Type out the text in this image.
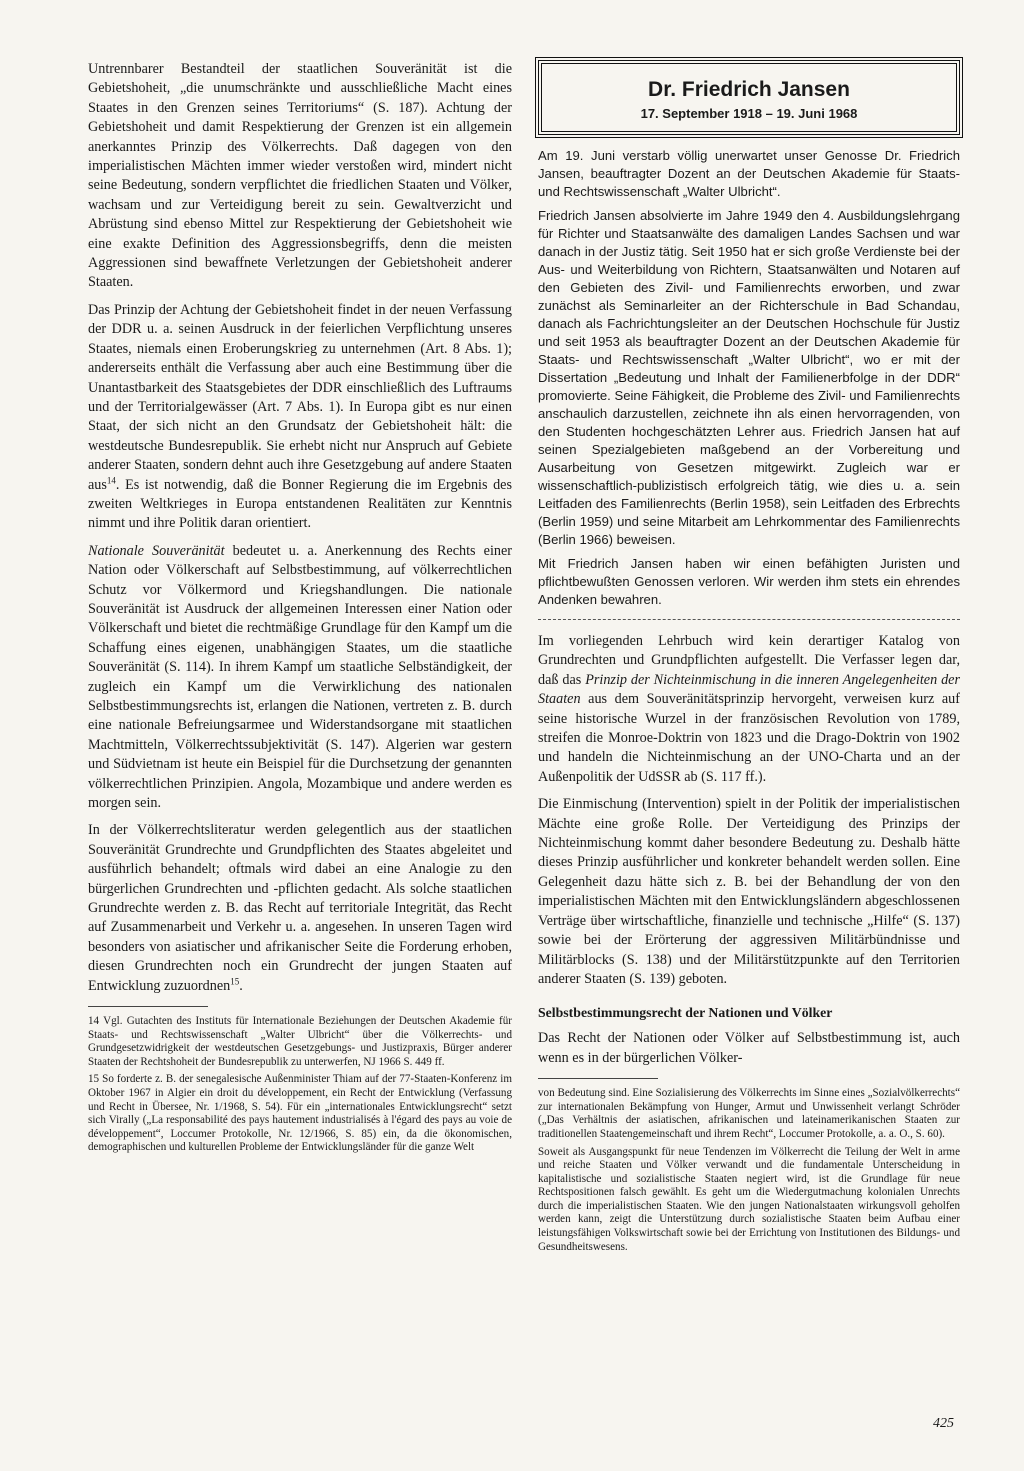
Untrennbarer Bestandteil der staatlichen Souveränität ist die Gebietshoheit, „die unumschränkte und ausschließliche Macht eines Staates in den Grenzen seines Territoriums“ (S. 187). Achtung der Gebietshoheit und damit Respektierung der Grenzen ist ein allgemein anerkanntes Prinzip des Völkerrechts. Daß dagegen von den imperialistischen Mächten immer wieder verstoßen wird, mindert nicht seine Bedeutung, sondern verpflichtet die friedlichen Staaten und Völker, wachsam und zur Verteidigung bereit zu sein. Gewaltverzicht und Abrüstung sind ebenso Mittel zur Respektierung der Gebietshoheit wie eine exakte Definition des Aggressionsbegriffs, denn die meisten Aggressionen sind bewaffnete Verletzungen der Gebietshoheit anderer Staaten.

Das Prinzip der Achtung der Gebietshoheit findet in der neuen Verfassung der DDR u. a. seinen Ausdruck in der feierlichen Verpflichtung unseres Staates, niemals einen Eroberungskrieg zu unternehmen (Art. 8 Abs. 1); andererseits enthält die Verfassung aber auch eine Bestimmung über die Unantastbarkeit des Staatsgebietes der DDR einschließlich des Luftraums und der Territorialgewässer (Art. 7 Abs. 1). In Europa gibt es nur einen Staat, der sich nicht an den Grundsatz der Gebietshoheit hält: die westdeutsche Bundesrepublik. Sie erhebt nicht nur Anspruch auf Gebiete anderer Staaten, sondern dehnt auch ihre Gesetzgebung auf andere Staaten aus$^{14}$. Es ist notwendig, daß die Bonner Regierung die im Ergebnis des zweiten Weltkrieges in Europa entstandenen Realitäten zur Kenntnis nimmt und ihre Politik daran orientiert.

Nationale Souveränität bedeutet u. a. Anerkennung des Rechts einer Nation oder Völkerschaft auf Selbstbestimmung, auf völkerrechtlichen Schutz vor Völkermord und Kriegshandlungen. Die nationale Souveränität ist Ausdruck der allgemeinen Interessen einer Nation oder Völkerschaft und bietet die rechtmäßige Grundlage für den Kampf um die Schaffung eines eigenen, unabhängigen Staates, um die staatliche Souveränität (S. 114). In ihrem Kampf um staatliche Selbständigkeit, der zugleich ein Kampf um die Verwirklichung des nationalen Selbstbestimmungsrechts ist, erlangen die Nationen, vertreten z. B. durch eine nationale Befreiungsarmee und Widerstandsorgane mit staatlichen Machtmitteln, Völkerrechtssubjektivität (S. 147). Algerien war gestern und Südvietnam ist heute ein Beispiel für die Durchsetzung der genannten völkerrechtlichen Prinzipien. Angola, Mozambique und andere werden es morgen sein.

In der Völkerrechtsliteratur werden gelegentlich aus der staatlichen Souveränität Grundrechte und Grundpflichten des Staates abgeleitet und ausführlich behandelt; oftmals wird dabei an eine Analogie zu den bürgerlichen Grundrechten und -pflichten gedacht. Als solche staatlichen Grundrechte werden z. B. das Recht auf territoriale Integrität, das Recht auf Zusammenarbeit und Verkehr u. a. angesehen. In unseren Tagen wird besonders von asiatischer und afrikanischer Seite die Forderung erhoben, diesen Grundrechten noch ein Grundrecht der jungen Staaten auf Entwicklung zuzuordnen$^{15}$.

14 Vgl. Gutachten des Instituts für Internationale Beziehungen der Deutschen Akademie für Staats- und Rechtswissenschaft „Walter Ulbricht“ über die Völkerrechts- und Grundgesetzwidrigkeit der westdeutschen Gesetzgebungs- und Justizpraxis, Bürger anderer Staaten der Rechtshoheit der Bundesrepublik zu unterwerfen, NJ 1966 S. 449 ff.

15 So forderte z. B. der senegalesische Außenminister Thiam auf der 77-Staaten-Konferenz im Oktober 1967 in Algier ein droit du développement, ein Recht der Entwicklung (Verfassung und Recht in Übersee, Nr. 1/1968, S. 54). Für ein „internationales Entwicklungsrecht“ setzt sich Virally („La responsabilité des pays hautement industrialisés à l'égard des pays au voie de développement“, Loccumer Protokolle, Nr. 12/1966, S. 85) ein, da die ökonomischen, demographischen und kulturellen Probleme der Entwicklungsländer für die ganze Welt

Dr. Friedrich Jansen

17. September 1918 – 19. Juni 1968

Am 19. Juni verstarb völlig unerwartet unser Genosse Dr. Friedrich Jansen, beauftragter Dozent an der Deutschen Akademie für Staats- und Rechtswissenschaft „Walter Ulbricht“.

Friedrich Jansen absolvierte im Jahre 1949 den 4. Ausbildungslehrgang für Richter und Staatsanwälte des damaligen Landes Sachsen und war danach in der Justiz tätig. Seit 1950 hat er sich große Verdienste bei der Aus- und Weiterbildung von Richtern, Staatsanwälten und Notaren auf den Gebieten des Zivil- und Familienrechts erworben, und zwar zunächst als Seminarleiter an der Richterschule in Bad Schandau, danach als Fachrichtungsleiter an der Deutschen Hochschule für Justiz und seit 1953 als beauftragter Dozent an der Deutschen Akademie für Staats- und Rechtswissenschaft „Walter Ulbricht“, wo er mit der Dissertation „Bedeutung und Inhalt der Familienerbfolge in der DDR“ promovierte. Seine Fähigkeit, die Probleme des Zivil- und Familienrechts anschaulich darzustellen, zeichnete ihn als einen hervorragenden, von den Studenten hochgeschätzten Lehrer aus. Friedrich Jansen hat auf seinen Spezialgebieten maßgebend an der Vorbereitung und Ausarbeitung von Gesetzen mitgewirkt. Zugleich war er wissenschaftlich-publizistisch erfolgreich tätig, wie dies u. a. sein Leitfaden des Familienrechts (Berlin 1958), sein Leitfaden des Erbrechts (Berlin 1959) und seine Mitarbeit am Lehrkommentar des Familienrechts (Berlin 1966) beweisen.

Mit Friedrich Jansen haben wir einen befähigten Juristen und pflichtbewußten Genossen verloren. Wir werden ihm stets ein ehrendes Andenken bewahren.

Im vorliegenden Lehrbuch wird kein derartiger Katalog von Grundrechten und Grundpflichten aufgestellt. Die Verfasser legen dar, daß das Prinzip der Nichteinmischung in die inneren Angelegenheiten der Staaten aus dem Souveränitätsprinzip hervorgeht, verweisen kurz auf seine historische Wurzel in der französischen Revolution von 1789, streifen die Monroe-Doktrin von 1823 und die Drago-Doktrin von 1902 und handeln die Nichteinmischung an der UNO-Charta und an der Außenpolitik der UdSSR ab (S. 117 ff.).

Die Einmischung (Intervention) spielt in der Politik der imperialistischen Mächte eine große Rolle. Der Verteidigung des Prinzips der Nichteinmischung kommt daher besondere Bedeutung zu. Deshalb hätte dieses Prinzip ausführlicher und konkreter behandelt werden sollen. Eine Gelegenheit dazu hätte sich z. B. bei der Behandlung der von den imperialistischen Mächten mit den Entwicklungsländern abgeschlossenen Verträge über wirtschaftliche, finanzielle und technische „Hilfe“ (S. 137) sowie bei der Erörterung der aggressiven Militärbündnisse und Militärblocks (S. 138) und der Militärstützpunkte auf den Territorien anderer Staaten (S. 139) geboten.

Selbstbestimmungsrecht der Nationen und Völker

Das Recht der Nationen oder Völker auf Selbstbestimmung ist, auch wenn es in der bürgerlichen Völker-

von Bedeutung sind. Eine Sozialisierung des Völkerrechts im Sinne eines „Sozialvölkerrechts“ zur internationalen Bekämpfung von Hunger, Armut und Unwissenheit verlangt Schröder („Das Verhältnis der asiatischen, afrikanischen und lateinamerikanischen Staaten zur traditionellen Staatengemeinschaft und ihrem Recht“, Loccumer Protokolle, a. a. O., S. 60).

Soweit als Ausgangspunkt für neue Tendenzen im Völkerrecht die Teilung der Welt in arme und reiche Staaten und Völker verwandt und die fundamentale Unterscheidung in kapitalistische und sozialistische Staaten negiert wird, ist die Grundlage für neue Rechtspositionen falsch gewählt. Es geht um die Wiedergutmachung kolonialen Unrechts durch die imperialistischen Staaten. Wie den jungen Nationalstaaten wirkungsvoll geholfen werden kann, zeigt die Unterstützung durch sozialistische Staaten beim Aufbau einer leistungsfähigen Volkswirtschaft sowie bei der Errichtung von Institutionen des Bildungs- und Gesundheitswesens.

425
